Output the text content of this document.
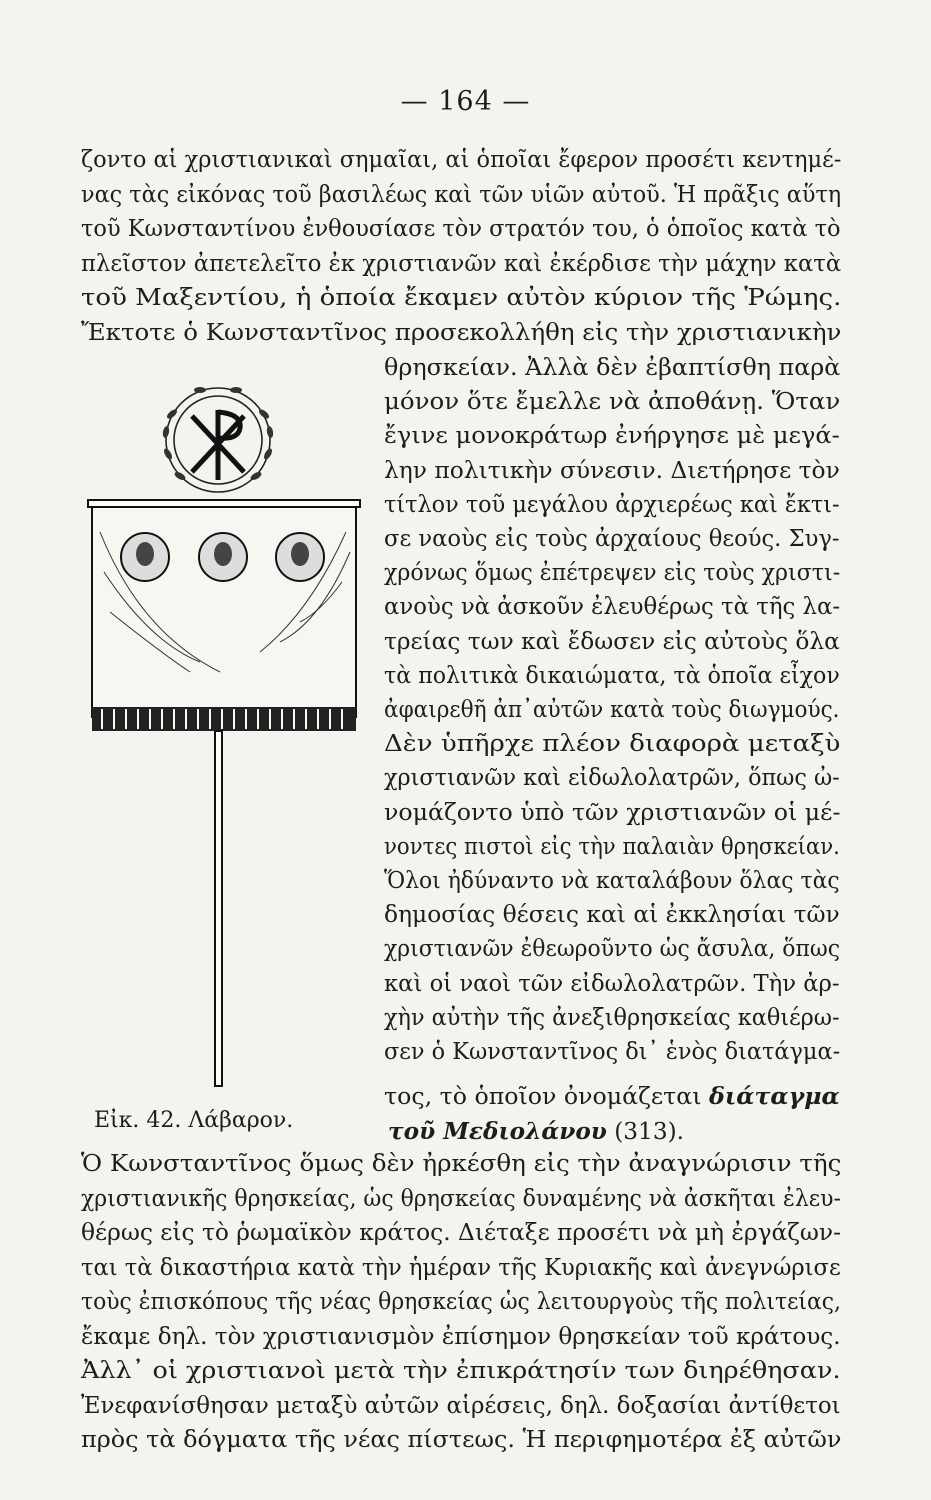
— 164 —
ζοντο αἱ χριστιανικαὶ σημαῖαι, αἱ ὁποῖαι ἔφερον προσέτι κεντημέ-
νας τὰς εἰκόνας τοῦ βασιλέως καὶ τῶν υἱῶν αὐτοῦ. Ἡ πρᾶξις αὕτη
τοῦ Κωνσταντίνου ἐνθουσίασε τὸν στρατόν του, ὁ ὁποῖος κατὰ τὸ
πλεῖστον ἀπετελεῖτο ἐκ χριστιανῶν καὶ ἐκέρδισε τὴν μάχην κατὰ
τοῦ Μαξεντίου, ἡ ὁποία ἔκαμεν αὐτὸν κύριον τῆς Ῥώμης.
Ἔκτοτε ὁ Κωνσταντῖνος προσεκολλήθη εἰς τὴν χριστιανικὴν
θρησκείαν. Ἀλλὰ δὲν ἐβαπτίσθη παρὰ
μόνον ὅτε ἔμελλε νὰ ἀποθάνῃ. Ὅταν
ἔγινε μονοκράτωρ ἐνήργησε μὲ μεγά-
λην πολιτικὴν σύνεσιν. Διετήρησε τὸν
τίτλον τοῦ μεγάλου ἀρχιερέως καὶ ἔκτι-
σε ναοὺς εἰς τοὺς ἀρχαίους θεούς. Συγ-
χρόνως ὅμως ἐπέτρεψεν εἰς τοὺς χριστι-
ανοὺς νὰ ἀσκοῦν ἐλευθέρως τὰ τῆς λα-
τρείας των καὶ ἔδωσεν εἰς αὐτοὺς ὅλα
τὰ πολιτικὰ δικαιώματα, τὰ ὁποῖα εἶχον
ἀφαιρεθῆ ἀπ᾽αὐτῶν κατὰ τοὺς διωγμούς.
Δὲν ὑπῆρχε πλέον διαφορὰ μεταξὺ
χριστιανῶν καὶ εἰδωλολατρῶν, ὅπως ὠ-
νομάζοντο ὑπὸ τῶν χριστιανῶν οἱ μέ-
νοντες πιστοὶ εἰς τὴν παλαιὰν θρησκείαν.
Ὅλοι ἠδύναντο νὰ καταλάβουν ὅλας τὰς
δημοσίας θέσεις καὶ αἱ ἐκκλησίαι τῶν
χριστιανῶν ἐθεωροῦντο ὡς ἄσυλα, ὅπως
καὶ οἱ ναοὶ τῶν εἰδωλολατρῶν. Τὴν ἀρ-
χὴν αὐτὴν τῆς ἀνεξιθρησκείας καθιέρω-
σεν ὁ Κωνσταντῖνος δι᾽ ἑνὸς διατάγμα-
τος, τὸ ὁποῖον ὀνομάζεται διάταγμα
τοῦ Μεδιολάνου (313).
Εἰκ. 42. Λάβαρον.
Ὁ Κωνσταντῖνος ὅμως δὲν ἠρκέσθη εἰς τὴν ἀναγνώρισιν τῆς
χριστιανικῆς θρησκείας, ὡς θρησκείας δυναμένης νὰ ἀσκῆται ἐλευ-
θέρως εἰς τὸ ῥωμαϊκὸν κράτος. Διέταξε προσέτι νὰ μὴ ἐργάζων-
ται τὰ δικαστήρια κατὰ τὴν ἡμέραν τῆς Κυριακῆς καὶ ἀνεγνώρισε
τοὺς ἐπισκόπους τῆς νέας θρησκείας ὡς λειτουργοὺς τῆς πολιτείας,
ἔκαμε δηλ. τὸν χριστιανισμὸν ἐπίσημον θρησκείαν τοῦ κράτους.
Ἀλλ᾽ οἱ χριστιανοὶ μετὰ τὴν ἐπικράτησίν των διηρέθησαν.
Ἐνεφανίσθησαν μεταξὺ αὐτῶν αἱρέσεις, δηλ. δοξασίαι ἀντίθετοι
πρὸς τὰ δόγματα τῆς νέας πίστεως. Ἡ περιφημοτέρα ἐξ αὐτῶν
